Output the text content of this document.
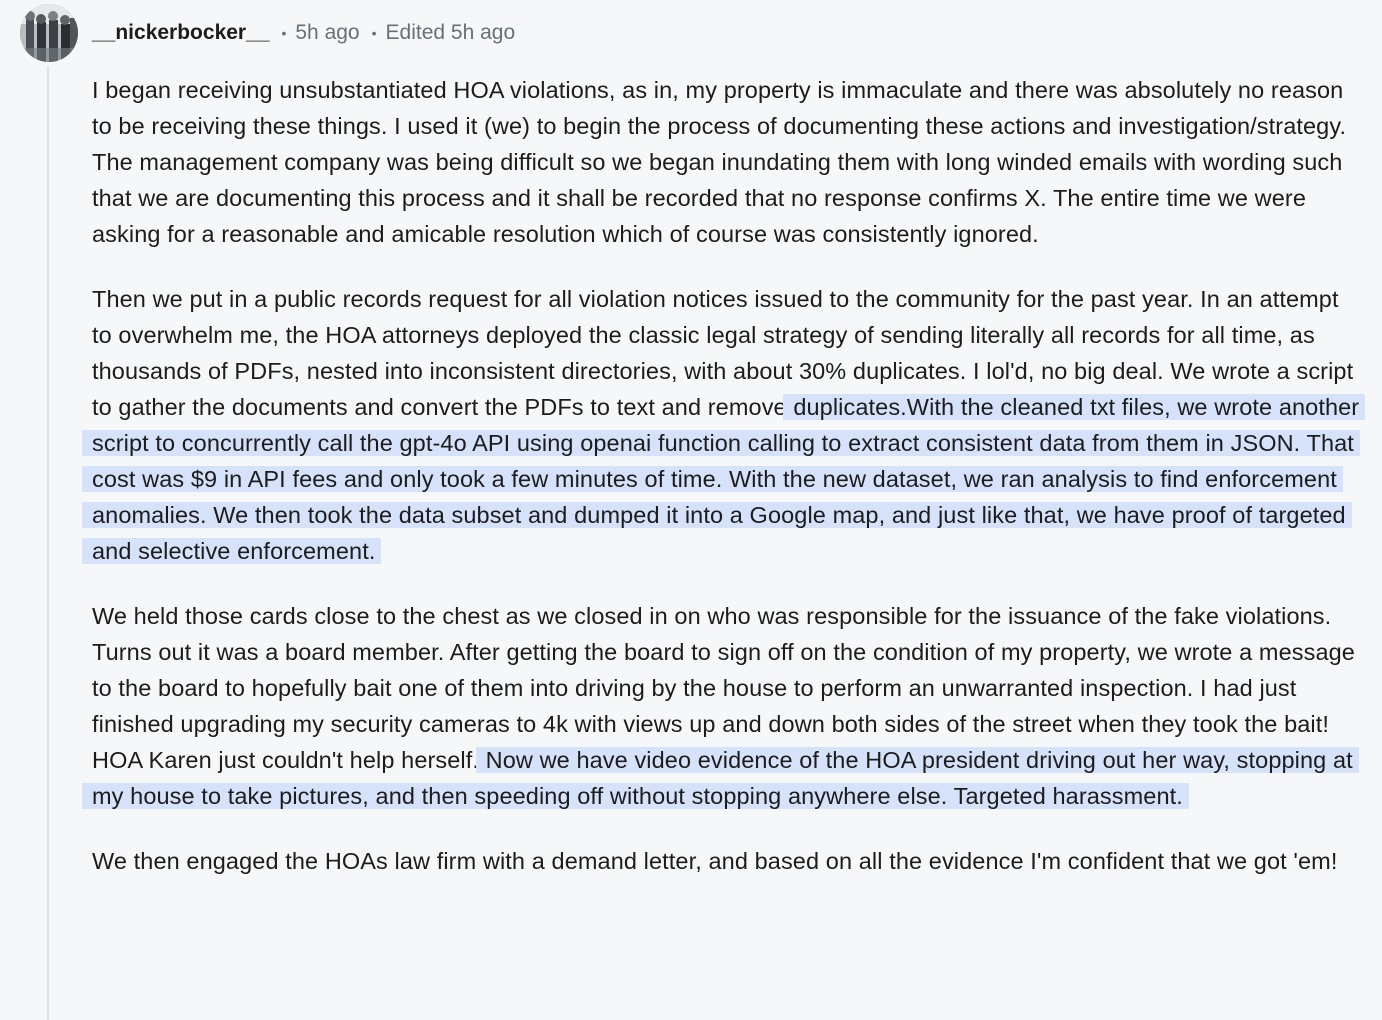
__nickerbocker__ • 5h ago • Edited 5h ago

I began receiving unsubstantiated HOA violations, as in, my property is immaculate and there was absolutely no reason to be receiving these things. I used it (we) to begin the process of documenting these actions and investigation/strategy. The management company was being difficult so we began inundating them with long winded emails with wording such that we are documenting this process and it shall be recorded that no response confirms X. The entire time we were asking for a reasonable and amicable resolution which of course was consistently ignored.

Then we put in a public records request for all violation notices issued to the community for the past year. In an attempt to overwhelm me, the HOA attorneys deployed the classic legal strategy of sending literally all records for all time, as thousands of PDFs, nested into inconsistent directories, with about 30% duplicates. I lol'd, no big deal. We wrote a script to gather the documents and convert the PDFs to text and remove duplicates.With the cleaned txt files, we wrote another script to concurrently call the gpt-4o API using openai function calling to extract consistent data from them in JSON. That cost was $9 in API fees and only took a few minutes of time. With the new dataset, we ran analysis to find enforcement anomalies. We then took the data subset and dumped it into a Google map, and just like that, we have proof of targeted and selective enforcement.

We held those cards close to the chest as we closed in on who was responsible for the issuance of the fake violations. Turns out it was a board member. After getting the board to sign off on the condition of my property, we wrote a message to the board to hopefully bait one of them into driving by the house to perform an unwarranted inspection. I had just finished upgrading my security cameras to 4k with views up and down both sides of the street when they took the bait! HOA Karen just couldn't help herself. Now we have video evidence of the HOA president driving out her way, stopping at my house to take pictures, and then speeding off without stopping anywhere else. Targeted harassment.

We then engaged the HOAs law firm with a demand letter, and based on all the evidence I'm confident that we got 'em!
